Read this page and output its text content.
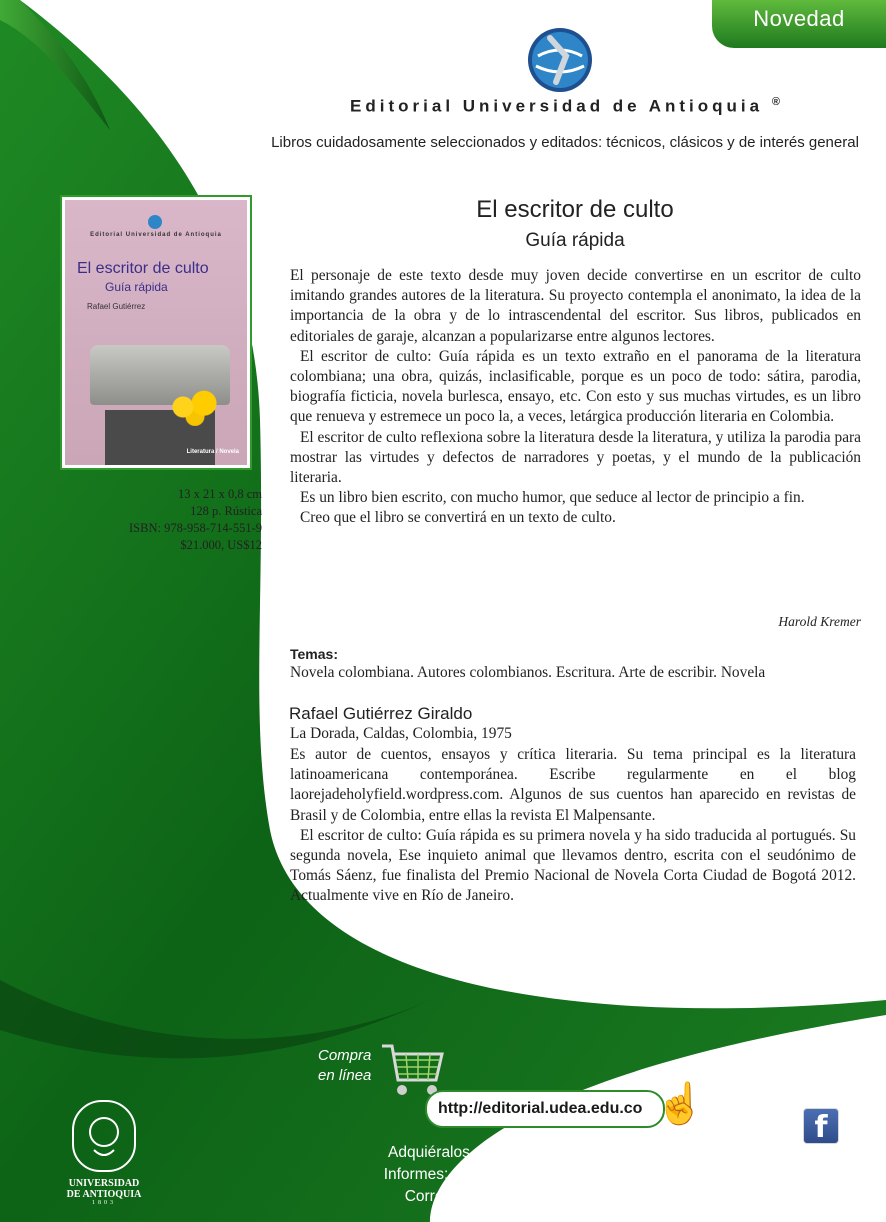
Novedad
Editorial Universidad de Antioquia ®
Libros cuidadosamente seleccionados y editados: técnicos, clásicos y de interés general
Editorial Universidad de Antioquia
El escritor de culto
Guía rápida
Rafael Gutiérrez
Literatura / Novela
13 x 21 x 0,8 cm
128 p. Rústica
ISBN: 978-958-714-551-9
$21.000, US$12
El escritor de culto
Guía rápida

El personaje de este texto desde muy joven decide convertirse en un escritor de culto imitando grandes autores de la literatura. Su proyecto contempla el anonimato, la idea de la importancia de la obra y de lo intrascendental del escritor. Sus libros, publicados en editoriales de garaje, alcanzan a popularizarse entre algunos lectores.

El escritor de culto: Guía rápida es un texto extraño en el panorama de la literatura colombiana; una obra, quizás, inclasificable, porque es un poco de todo: sátira, parodia, biografía ficticia, novela burlesca, ensayo, etc. Con esto y sus muchas virtudes, es un libro que renueva y estremece un poco la, a veces, letárgica producción literaria en Colombia.

El escritor de culto reflexiona sobre la literatura desde la literatura, y utiliza la parodia para mostrar las virtudes y defectos de narradores y poetas, y el mundo de la publicación literaria.

Es un libro bien escrito, con mucho humor, que seduce al lector de principio a fin.

Creo que el libro se convertirá en un texto de culto.

Harold Kremer
Temas:
Novela colombiana. Autores colombianos. Escritura. Arte de escribir. Novela
Rafael Gutiérrez Giraldo
La Dorada, Caldas, Colombia, 1975

Es autor de cuentos, ensayos y crítica literaria. Su tema principal es la literatura latinoamericana contemporánea. Escribe regularmente en el blog laorejadeholyfield.wordpress.com. Algunos de sus cuentos han aparecido en revistas de Brasil y de Colombia, entre ellas la revista El Malpensante.

El escritor de culto: Guía rápida es su primera novela y ha sido traducida al portugués. Su segunda novela, Ese inquieto animal que llevamos dentro, escrita con el seudónimo de Tomás Sáenz, fue finalista del Premio Nacional de Novela Corta Ciudad de Bogotá 2012. Actualmente vive en Río de Janeiro.

Compra
en línea
http://editorial.udea.edu.co ☝	Síguenos en:
f
Adquiéralos en las principales librerías del país
Informes: teléfonos: (57-4) 219 50 12, 219 80 13
Correo electrónico: editorial@udea.edu.co
UNIVERSIDAD
DE ANTIOQUIA
1803
